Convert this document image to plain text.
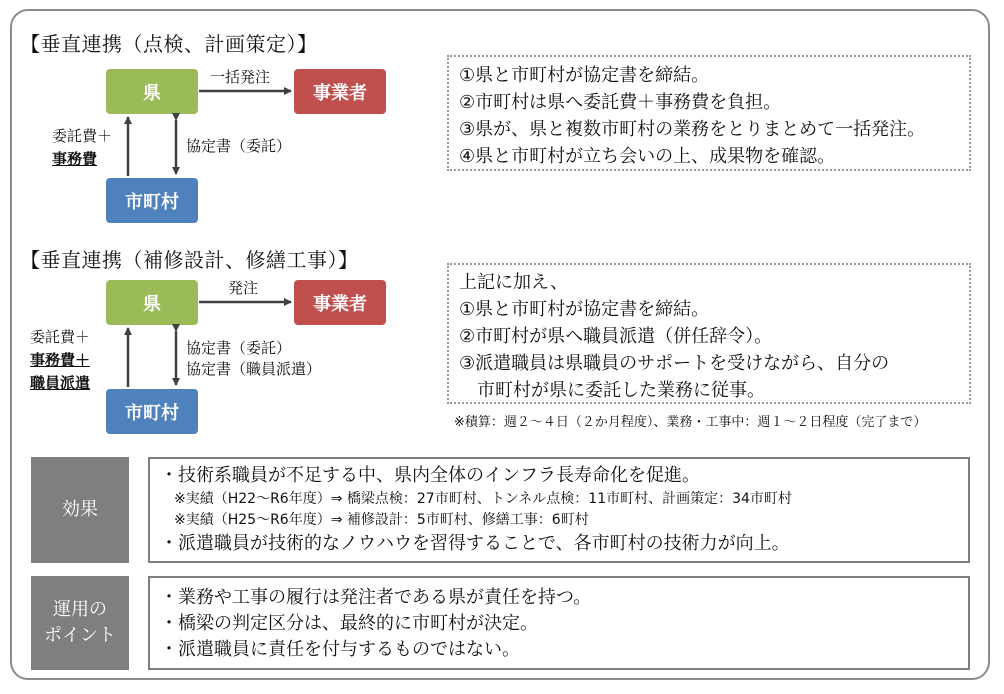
【垂直連携（点検、計画策定）】
県	事業者
市町村
一括発注
委託費＋
事務費
協定書（委託）
①県と市町村が協定書を締結。
②市町村は県へ委託費＋事務費を負担。
③県が、県と複数市町村の業務をとりまとめて一括発注。
④県と市町村が立ち会いの上、成果物を確認。
【垂直連携（補修設計、修繕工事）】
県	事業者
市町村
発注
委託費＋
事務費＋
職員派遣
協定書（委託）
協定書（職員派遣）
上記に加え、
①県と市町村が協定書を締結。
②市町村が県へ職員派遣（併任辞令）。
③派遣職員は県職員のサポートを受けながら、自分の
　市町村が県に委託した業務に従事。
※積算：週２～４日（２か月程度）、業務・工事中：週１～２日程度（完了まで）
効果
・技術系職員が不足する中、県内全体のインフラ長寿命化を促進。
※実績（H22～R6年度）⇒ 橋梁点検：27市町村、トンネル点検：11市町村、計画策定：34市町村
※実績（H25～R6年度）⇒ 補修設計：5市町村、修繕工事：6町村
・派遣職員が技術的なノウハウを習得することで、各市町村の技術力が向上。
運用の
ポイント
・業務や工事の履行は発注者である県が責任を持つ。
・橋梁の判定区分は、最終的に市町村が決定。
・派遣職員に責任を付与するものではない。
